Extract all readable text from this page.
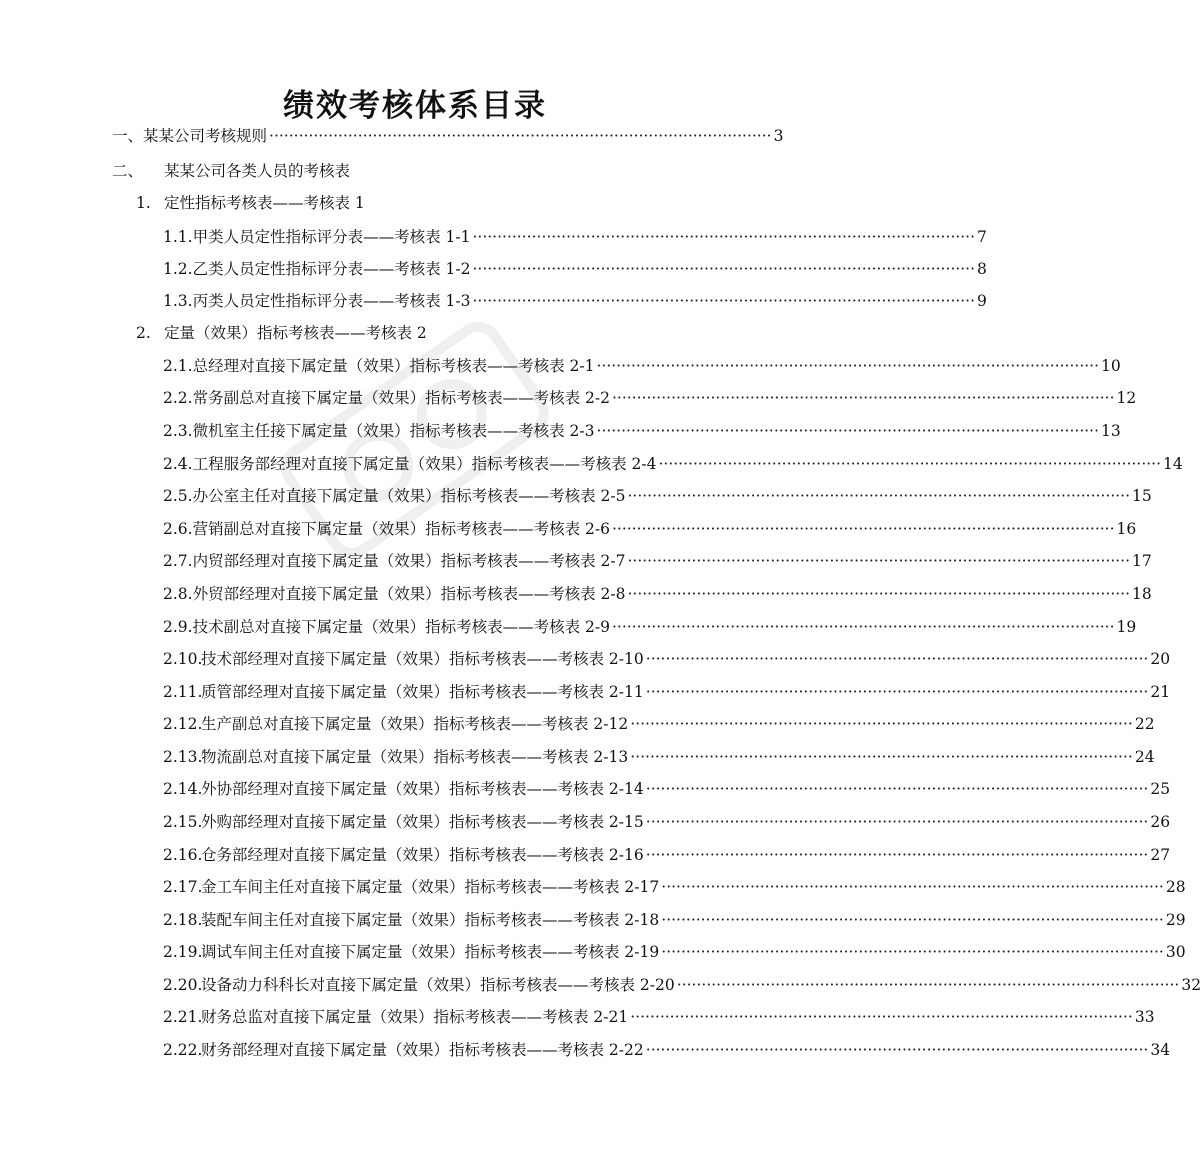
绩效考核体系目录
一、 某某公司考核规则 ······································································································ 3
二、	某某公司各类人员的考核表
1. 定性指标考核表——考核表 1
1.1. 甲类人员定性指标评分表——考核表 1-1 ······································································································ 7
1.2. 乙类人员定性指标评分表——考核表 1-2 ······································································································ 8
1.3. 丙类人员定性指标评分表——考核表 1-3 ······································································································ 9
2. 定量（效果）指标考核表——考核表 2
2.1. 总经理对直接下属定量（效果）指标考核表——考核表 2-1 ······································································································ 10
2.2. 常务副总对直接下属定量（效果）指标考核表——考核表 2-2 ······································································································ 12
2.3. 微机室主任接下属定量（效果）指标考核表——考核表 2-3 ······································································································ 13
2.4. 工程服务部经理对直接下属定量（效果）指标考核表——考核表 2-4 ······································································································ 14
2.5. 办公室主任对直接下属定量（效果）指标考核表——考核表 2-5 ······································································································ 15
2.6. 营销副总对直接下属定量（效果）指标考核表——考核表 2-6 ······································································································ 16
2.7. 内贸部经理对直接下属定量（效果）指标考核表——考核表 2-7 ······································································································ 17
2.8. 外贸部经理对直接下属定量（效果）指标考核表——考核表 2-8 ······································································································ 18
2.9. 技术副总对直接下属定量（效果）指标考核表——考核表 2-9 ······································································································ 19
2.10.
技术部经理对直接下属定量（效果）指标考核表——考核表 2-10 ······································································································ 20
2.11.
质管部经理对直接下属定量（效果）指标考核表——考核表 2-11 ······································································································ 21
2.12.
生产副总对直接下属定量（效果）指标考核表——考核表 2-12 ······································································································ 22
2.13.
物流副总对直接下属定量（效果）指标考核表——考核表 2-13 ······································································································ 24
2.14.
外协部经理对直接下属定量（效果）指标考核表——考核表 2-14 ······································································································ 25
2.15.
外购部经理对直接下属定量（效果）指标考核表——考核表 2-15 ······································································································ 26
2.16.
仓务部经理对直接下属定量（效果）指标考核表——考核表 2-16 ······································································································ 27
2.17.
金工车间主任对直接下属定量（效果）指标考核表——考核表 2-17 ······································································································ 28
2.18.
装配车间主任对直接下属定量（效果）指标考核表——考核表 2-18 ······································································································ 29
2.19.
调试车间主任对直接下属定量（效果）指标考核表——考核表 2-19 ······································································································ 30
2.20.
设备动力科科长对直接下属定量（效果）指标考核表——考核表 2-20 ······································································································ 32
2.21.
财务总监对直接下属定量（效果）指标考核表——考核表 2-21 ······································································································ 33
2.22.
财务部经理对直接下属定量（效果）指标考核表——考核表 2-22 ······································································································ 34
